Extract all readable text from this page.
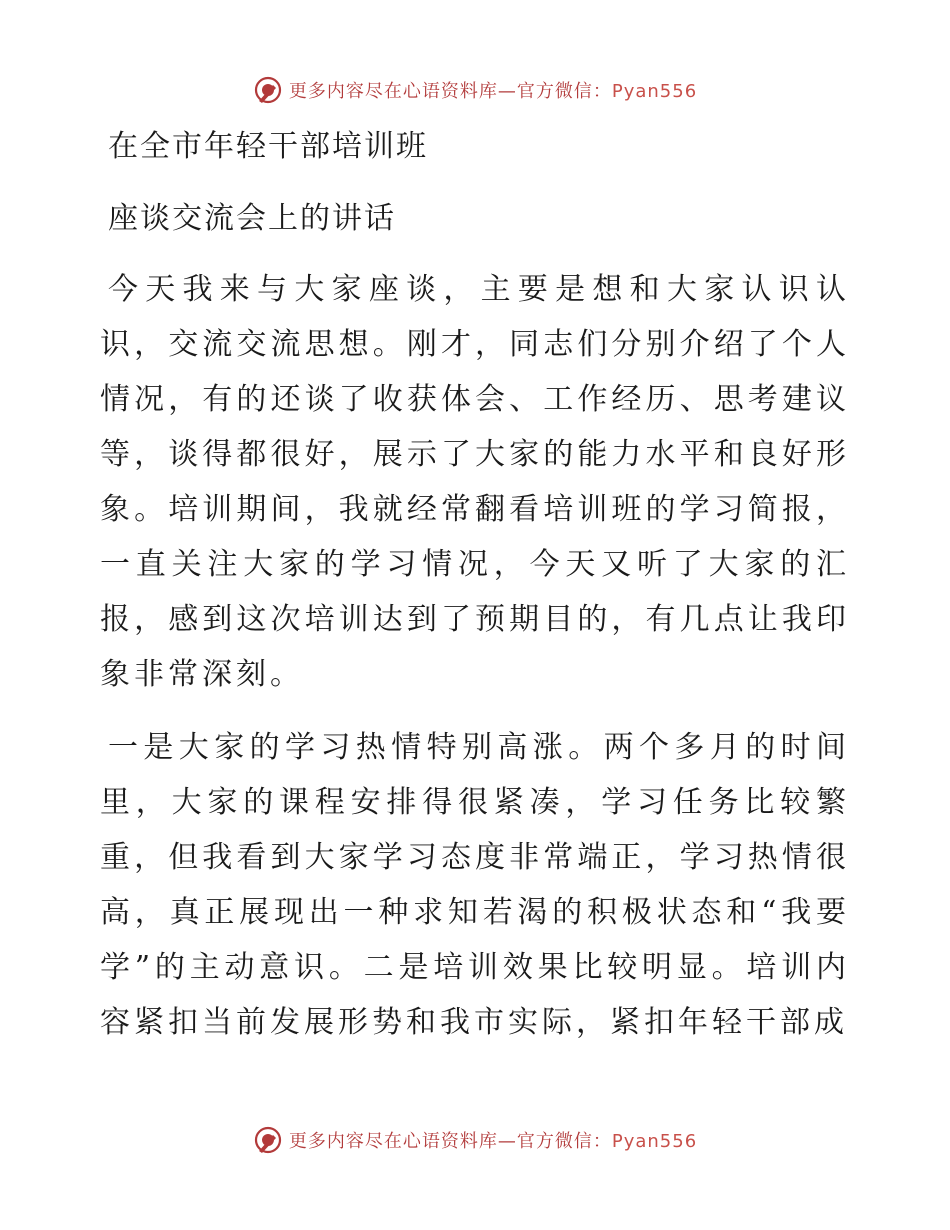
更多内容尽在心语资料库—官方微信：Pyan556
在全市年轻干部培训班
座谈交流会上的讲话

今天我来与大家座谈，主要是想和大家认识认识，交流交流思想。刚才，同志们分别介绍了个人情况，有的还谈了收获体会、工作经历、思考建议等，谈得都很好，展示了大家的能力水平和良好形象。培训期间，我就经常翻看培训班的学习简报，一直关注大家的学习情况，今天又听了大家的汇报，感到这次培训达到了预期目的，有几点让我印象非常深刻。

一是大家的学习热情特别高涨。两个多月的时间里，大家的课程安排得很紧凑，学习任务比较繁重，但我看到大家学习态度非常端正，学习热情很高，真正展现出一种求知若渴的积极状态和“我要学”的主动意识。二是培训效果比较明显。培训内容紧扣当前发展形势和我市实际，紧扣年轻干部成

更多内容尽在心语资料库—官方微信：Pyan556
